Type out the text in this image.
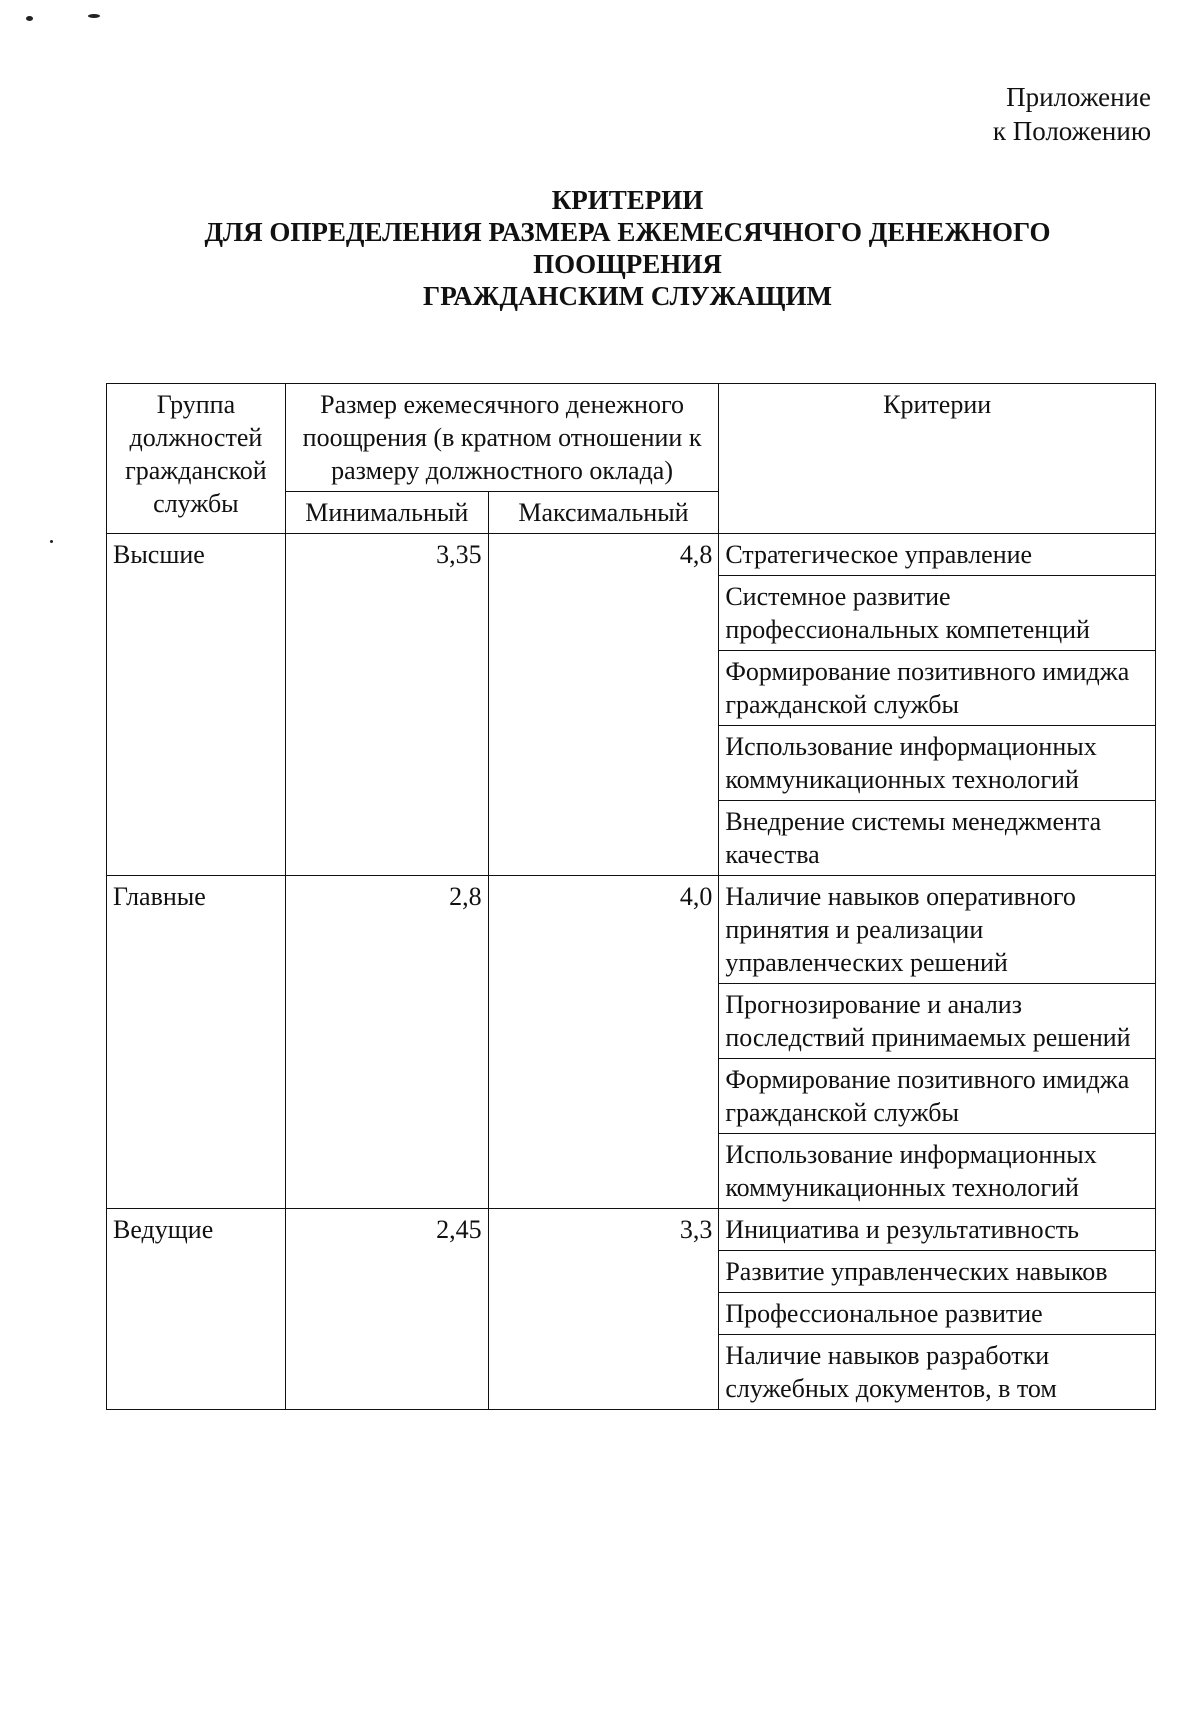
Приложение
к Положению
КРИТЕРИИ
ДЛЯ ОПРЕДЕЛЕНИЯ РАЗМЕРА ЕЖЕМЕСЯЧНОГО ДЕНЕЖНОГО
ПООЩРЕНИЯ
ГРАЖДАНСКИМ СЛУЖАЩИМ
Группа должностей гражданской службы	Размер ежемесячного денежного поощрения (в кратном отношении к размеру должностного оклада)		Критерии
	Минимальный	Максимальный	
Высшие	3,35	4,8	Стратегическое управление
			Системное развитие профессиональных компетенций
			Формирование позитивного имиджа гражданской службы
			Использование информационных коммуникационных технологий
			Внедрение системы менеджмента качества
Главные	2,8	4,0	Наличие навыков оперативного принятия и реализации управленческих решений
			Прогнозирование и анализ последствий принимаемых решений
			Формирование позитивного имиджа гражданской службы
			Использование информационных коммуникационных технологий
Ведущие	2,45	3,3	Инициатива и результативность
			Развитие управленческих навыков
			Профессиональное развитие
			Наличие навыков разработки служебных документов, в том
